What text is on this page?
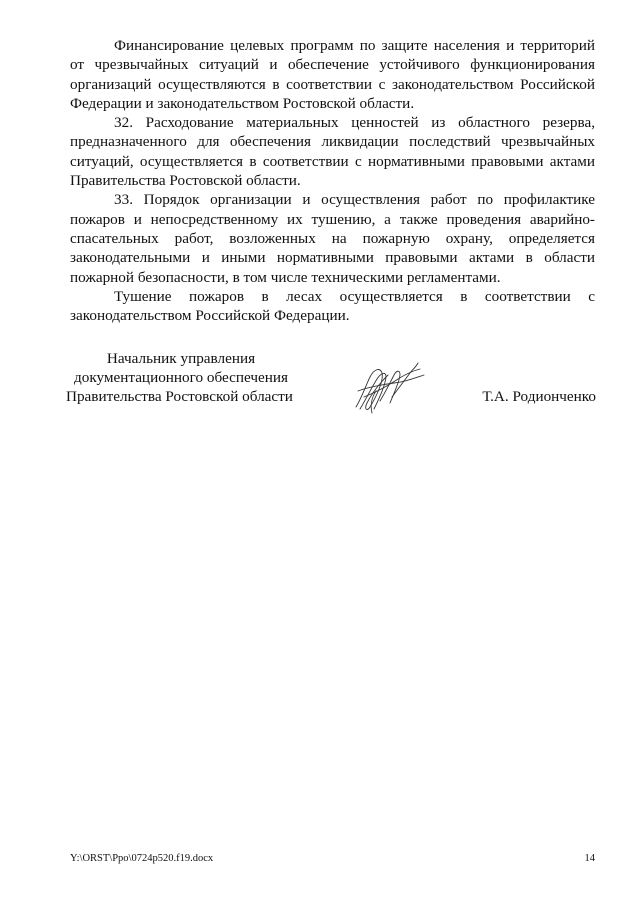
Финансирование целевых программ по защите населения и территорий от чрезвычайных ситуаций и обеспечение устойчивого функционирования организаций осуществляются в соответствии с законодательством Российской Федерации и законодательством Ростовской области.

32. Расходование материальных ценностей из областного резерва, предназначенного для обеспечения ликвидации последствий чрезвычайных ситуаций, осуществляется в соответствии с нормативными правовыми актами Правительства Ростовской области.

33. Порядок организации и осуществления работ по профилактике пожаров и непосредственному их тушению, а также проведения аварийно-спасательных работ, возложенных на пожарную охрану, определяется законодательными и иными нормативными правовыми актами в области пожарной безопасности, в том числе техническими регламентами.

Тушение пожаров в лесах осуществляется в соответствии с законодательством Российской Федерации.

Начальник управления
документационного обеспечения
Правительства Ростовской области	Т.А. Родионченко
Y:\ORST\Ppo\0724p520.f19.docx	14
